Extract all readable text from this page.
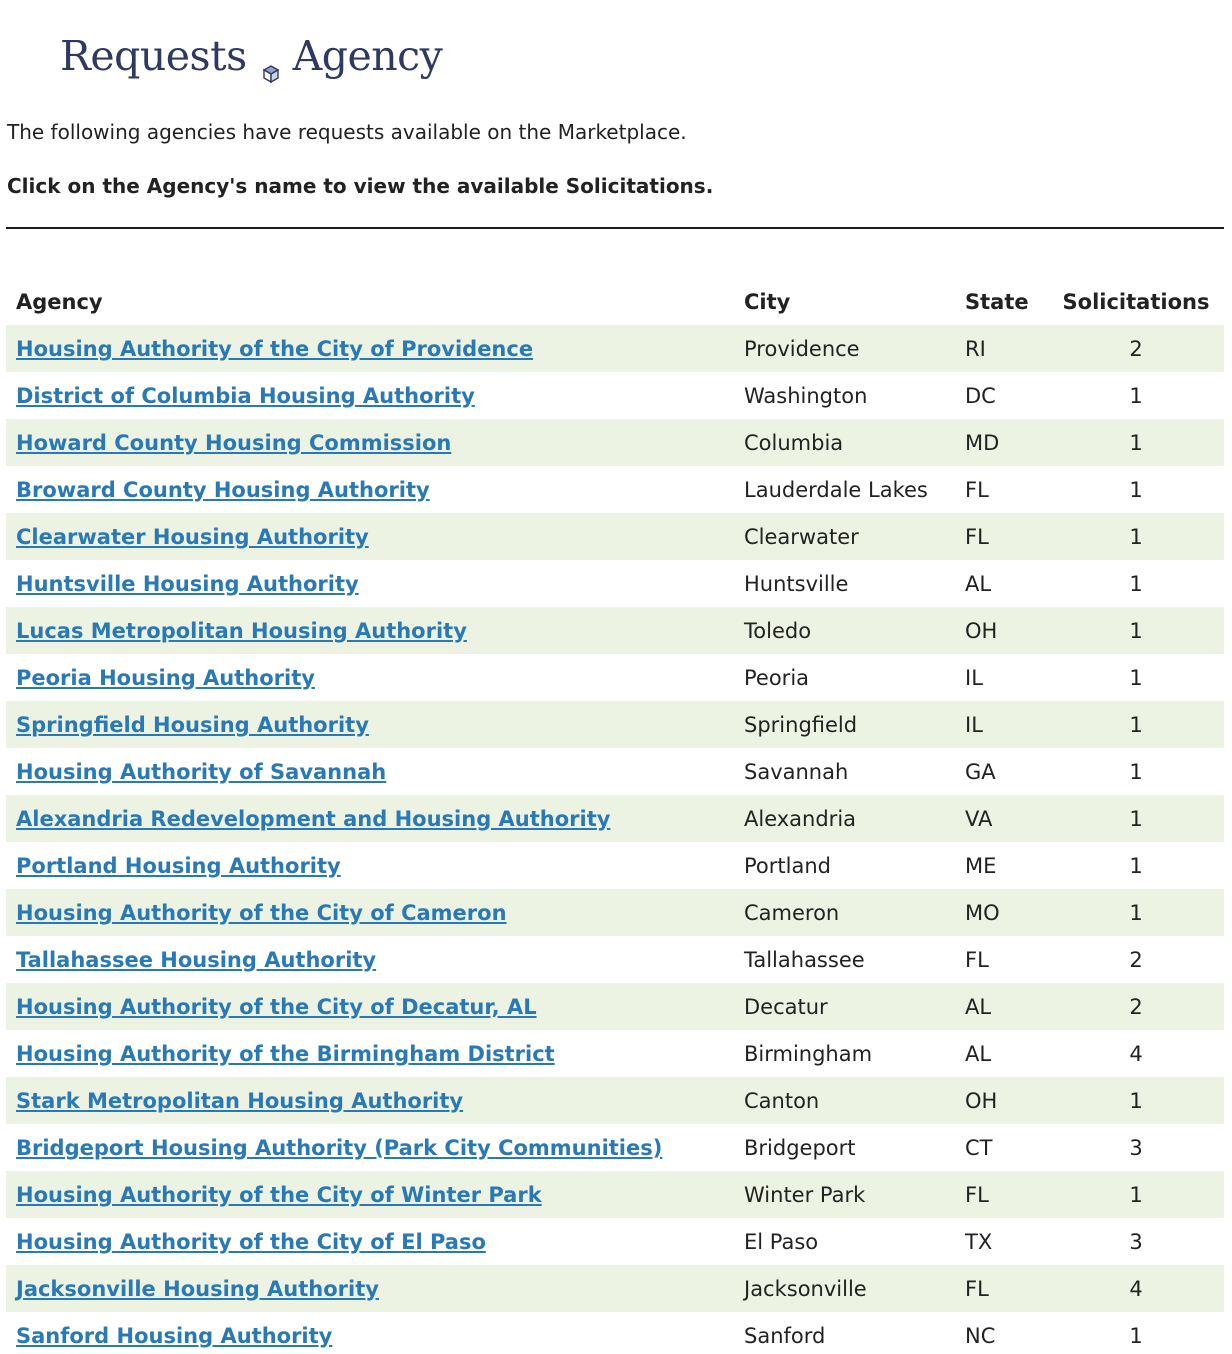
Requests Agency

The following agencies have requests available on the Marketplace.

Click on the Agency's name to view the available Solicitations.

Agency	City	State	Solicitations
Housing Authority of the City of Providence	Providence	RI	2
District of Columbia Housing Authority	Washington	DC	1
Howard County Housing Commission	Columbia	MD	1
Broward County Housing Authority	Lauderdale Lakes	FL	1
Clearwater Housing Authority	Clearwater	FL	1
Huntsville Housing Authority	Huntsville	AL	1
Lucas Metropolitan Housing Authority	Toledo	OH	1
Peoria Housing Authority	Peoria	IL	1
Springfield Housing Authority	Springfield	IL	1
Housing Authority of Savannah	Savannah	GA	1
Alexandria Redevelopment and Housing Authority	Alexandria	VA	1
Portland Housing Authority	Portland	ME	1
Housing Authority of the City of Cameron	Cameron	MO	1
Tallahassee Housing Authority	Tallahassee	FL	2
Housing Authority of the City of Decatur, AL	Decatur	AL	2
Housing Authority of the Birmingham District	Birmingham	AL	4
Stark Metropolitan Housing Authority	Canton	OH	1
Bridgeport Housing Authority (Park City Communities)	Bridgeport	CT	3
Housing Authority of the City of Winter Park	Winter Park	FL	1
Housing Authority of the City of El Paso	El Paso	TX	3
Jacksonville Housing Authority	Jacksonville	FL	4
Sanford Housing Authority	Sanford	NC	1
